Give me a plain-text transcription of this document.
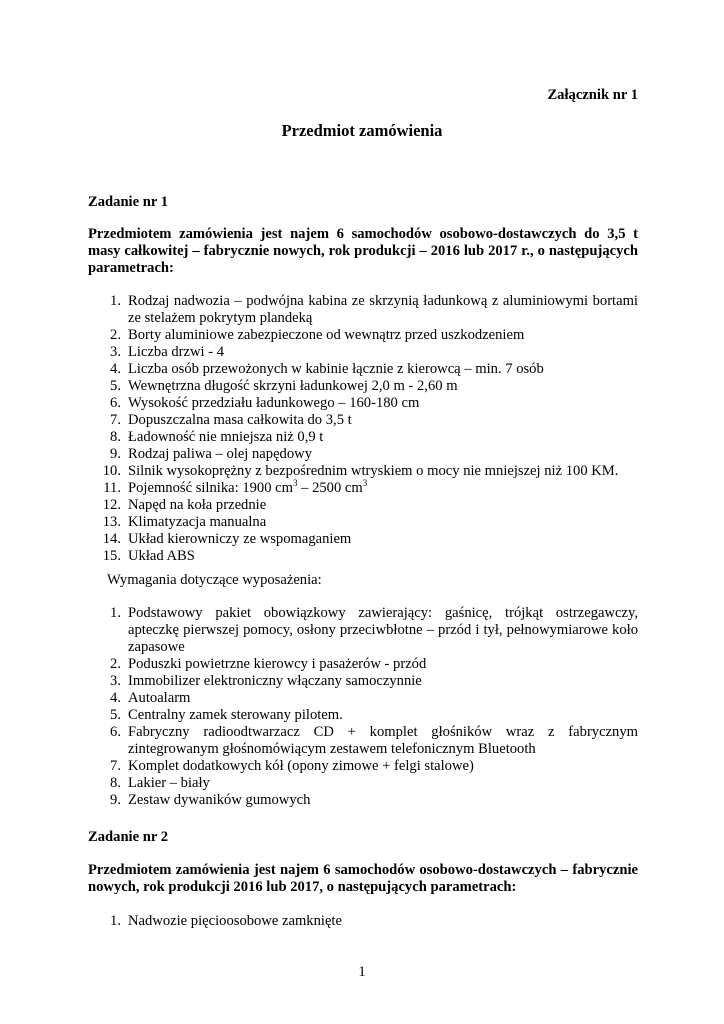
Załącznik nr 1
Przedmiot zamówienia
Zadanie nr 1
Przedmiotem zamówienia jest najem 6 samochodów osobowo-dostawczych do 3,5 t masy całkowitej – fabrycznie nowych, rok produkcji – 2016 lub 2017 r., o następujących parametrach:
1. Rodzaj nadwozia – podwójna kabina ze skrzynią ładunkową z aluminiowymi bortami ze stelażem pokrytym plandeką
2. Borty aluminiowe zabezpieczone od wewnątrz przed uszkodzeniem
3. Liczba drzwi - 4
4. Liczba osób przewożonych w kabinie łącznie z kierowcą – min. 7 osób
5. Wewnętrzna długość skrzyni ładunkowej 2,0 m - 2,60 m
6. Wysokość przedziału ładunkowego – 160-180 cm
7. Dopuszczalna masa całkowita do 3,5 t
8. Ładowność nie mniejsza niż 0,9 t
9. Rodzaj paliwa – olej napędowy
10. Silnik wysokoprężny z bezpośrednim wtryskiem o mocy nie mniejszej niż 100 KM.
11. Pojemność silnika: 1900 $cm^3 - 2500$ $cm^3$
12. Napęd na koła przednie
13. Klimatyzacja manualna
14. Układ kierowniczy ze wspomaganiem
15. Układ ABS
Wymagania dotyczące wyposażenia:
1. Podstawowy pakiet obowiązkowy zawierający: gaśnicę, trójkąt ostrzegawczy, apteczkę pierwszej pomocy, osłony przeciwbłotne – przód i tył, pełnowymiarowe koło zapasowe
2. Poduszki powietrzne kierowcy i pasażerów - przód
3. Immobilizer elektroniczny włączany samoczynnie
4. Autoalarm
5. Centralny zamek sterowany pilotem.
6. Fabryczny radioodtwarzacz CD + komplet głośników wraz z fabrycznym zintegrowanym głośnomówiącym zestawem telefonicznym Bluetooth
7. Komplet dodatkowych kół (opony zimowe + felgi stalowe)
8. Lakier – biały
9. Zestaw dywaników gumowych
Zadanie nr 2
Przedmiotem zamówienia jest najem 6 samochodów osobowo-dostawczych – fabrycznie nowych, rok produkcji 2016 lub 2017, o następujących parametrach:
1. Nadwozie pięcioosobowe zamknięte
1
